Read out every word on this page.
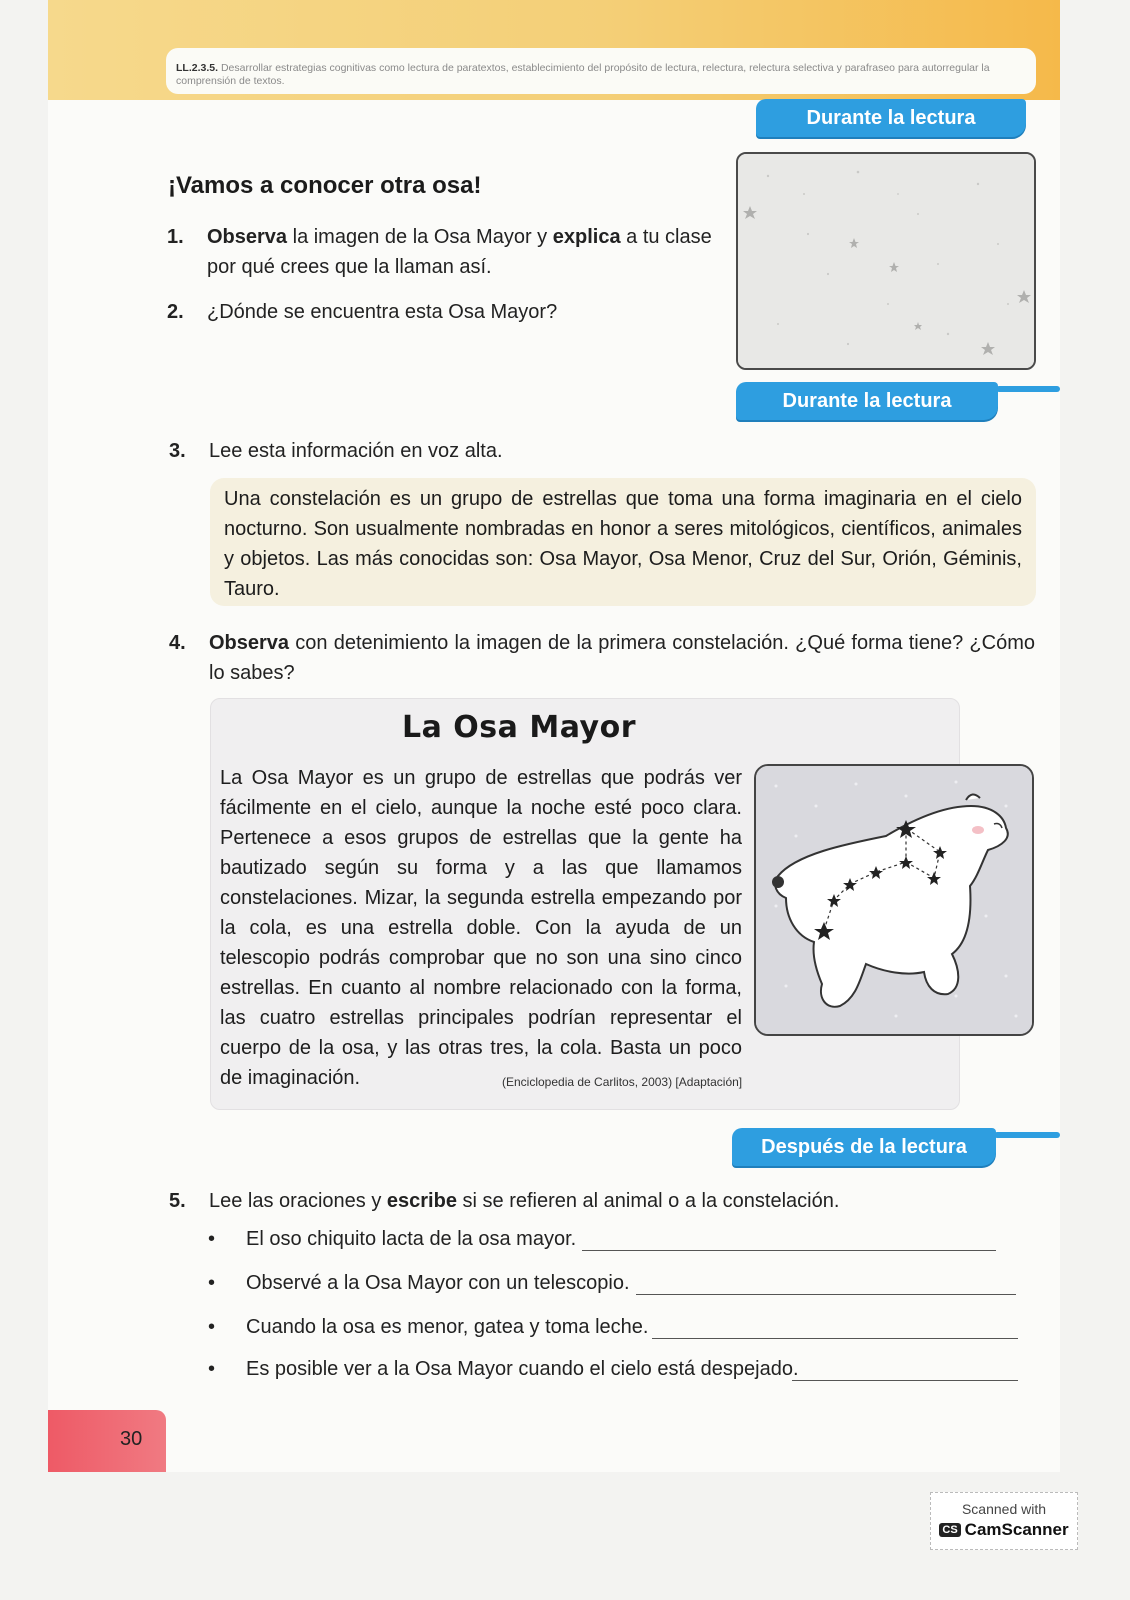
LL.2.3.5. Desarrollar estrategias cognitivas como lectura de paratextos, establecimiento del propósito de lectura, relectura, relectura selectiva y parafraseo para autorregular la comprensión de textos.
Durante la lectura
¡Vamos a conocer otra osa!
1. Observa la imagen de la Osa Mayor y explica a tu clase por qué crees que la llaman así.
2. ¿Dónde se encuentra esta Osa Mayor?
Durante la lectura
3. Lee esta información en voz alta.
Una constelación es un grupo de estrellas que toma una forma imaginaria en el cielo nocturno. Son usualmente nombradas en honor a seres mitológicos, científicos, animales y objetos. Las más conocidas son: Osa Mayor, Osa Menor, Cruz del Sur, Orión, Géminis, Tauro.
4. Observa con detenimiento la imagen de la primera constelación. ¿Qué forma tiene? ¿Cómo lo sabes?
La Osa Mayor
La Osa Mayor es un grupo de estrellas que podrás ver fácilmente en el cielo, aunque la noche esté poco clara. Pertenece a esos grupos de estrellas que la gente ha bautizado según su forma y a las que llamamos constelaciones. Mizar, la segunda estrella empezando por la cola, es una estrella doble. Con la ayuda de un telescopio podrás comprobar que no son una sino cinco estrellas. En cuanto al nombre relacionado con la forma, las cuatro estrellas principales podrían representar el cuerpo de la osa, y las otras tres, la cola. Basta un poco de imaginación.	(Enciclopedia de Carlitos, 2003) [Adaptación]
Después de la lectura
5. Lee las oraciones y escribe si se refieren al animal o a la constelación.
• El oso chiquito lacta de la osa mayor.
• Observé a la Osa Mayor con un telescopio.
• Cuando la osa es menor, gatea y toma leche.
• Es posible ver a la Osa Mayor cuando el cielo está despejado.
30
Scanned with
CS CamScanner
